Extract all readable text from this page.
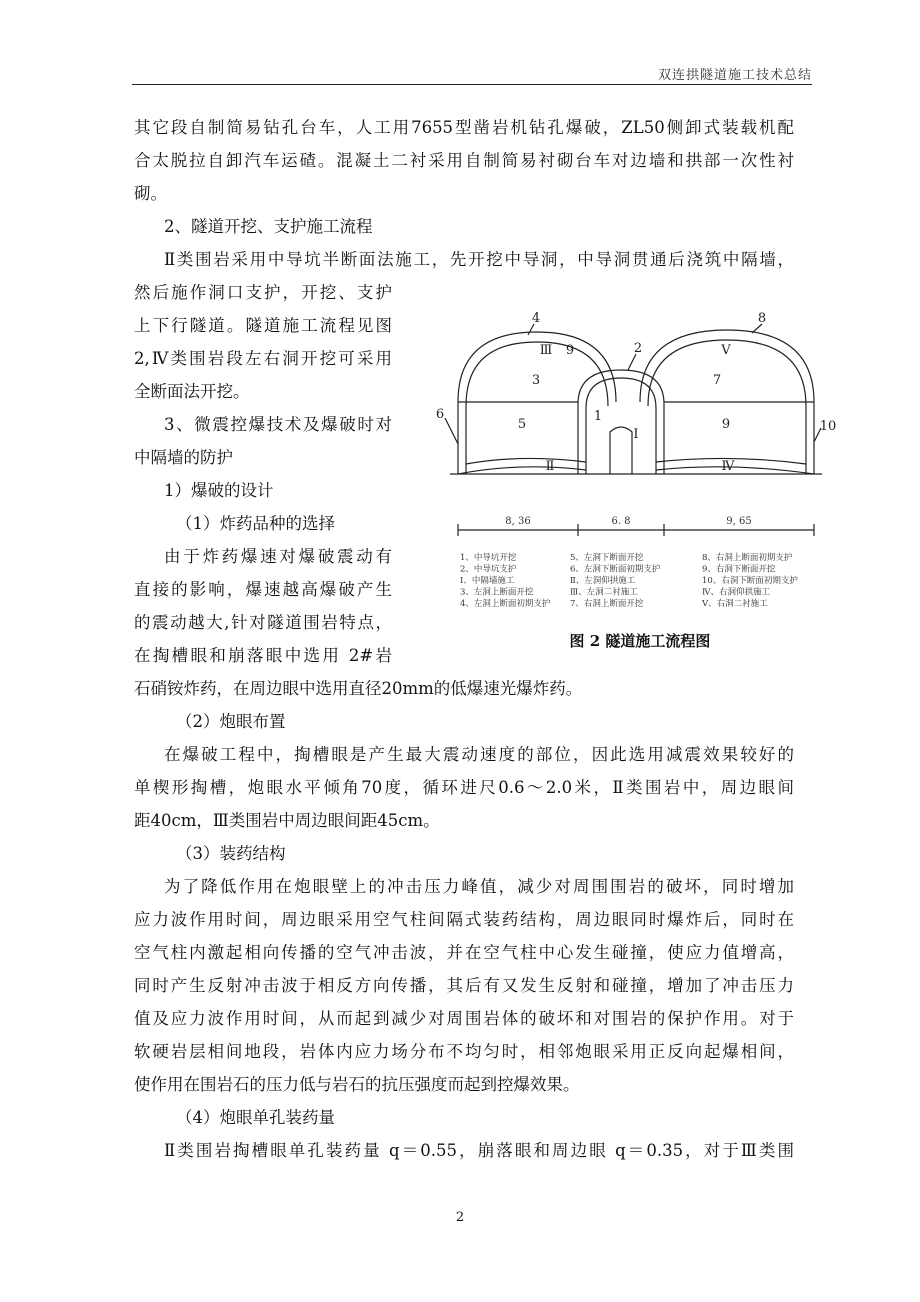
双连拱隧道施工技术总结
其它段自制简易钻孔台车，人工用7655型凿岩机钻孔爆破，ZL50侧卸式装载机配
合太脱拉自卸汽车运碴。混凝土二衬采用自制简易衬砌台车对边墙和拱部一次性衬
砌。
2、隧道开挖、支护施工流程
Ⅱ类围岩采用中导坑半断面法施工，先开挖中导洞，中导洞贯通后浇筑中隔墙，
然后施作洞口支护，开挖、支护
上下行隧道。隧道施工流程见图
2,Ⅳ类围岩段左右洞开挖可采用
全断面法开挖。
3、微震控爆技术及爆破时对
中隔墙的防护
1）爆破的设计
（1）炸药品种的选择
由于炸药爆速对爆破震动有
直接的影响，爆速越高爆破产生
的震动越大,针对隧道围岩特点，
在掏槽眼和崩落眼中选用 2#岩
石硝铵炸药，在周边眼中选用直径20mm的低爆速光爆炸药。
（2）炮眼布置
在爆破工程中，掏槽眼是产生最大震动速度的部位，因此选用减震效果较好的
单楔形掏槽，炮眼水平倾角70度，循环进尺0.6～2.0米，Ⅱ类围岩中，周边眼间
距40cm，Ⅲ类围岩中周边眼间距45cm。
（3）装药结构
为了降低作用在炮眼壁上的冲击压力峰值，减少对周围围岩的破坏，同时增加
应力波作用时间，周边眼采用空气柱间隔式装药结构，周边眼同时爆炸后，同时在
空气柱内激起相向传播的空气冲击波，并在空气柱中心发生碰撞，使应力值增高，
同时产生反射冲击波于相反方向传播，其后有又发生反射和碰撞，增加了冲击压力
值及应力波作用时间，从而起到减少对周围岩体的破坏和对围岩的保护作用。对于
软硬岩层相间地段，岩体内应力场分布不均匀时，相邻炮眼采用正反向起爆相间，
使作用在围岩石的压力低与岩石的抗压强度而起到控爆效果。
（4）炮眼单孔装药量
Ⅱ类围岩掏槽眼单孔装药量 q＝0.55，崩落眼和周边眼 q＝0.35，对于Ⅲ类围
4	8
2
Ⅲ 9	V
3	7
1
6
10
5	9
I
Ⅱ	Ⅳ
8, 36	6. 8	9, 65
1、中导坑开挖	5、左洞下断面开挖	8、右洞上断面初期支护
2、中导坑支护	6、左洞下断面初期支护	9、右洞下断面开挖
Ⅰ、中隔墙施工	Ⅱ、左洞仰拱施工	10、右洞下断面初期支护
3、左洞上断面开挖	Ⅲ、左洞二衬施工	Ⅳ、右洞仰拱施工
4、左洞上断面初期支护 7、右洞上断面开挖	Ⅴ、右洞二衬施工
图 2 隧道施工流程图
2
